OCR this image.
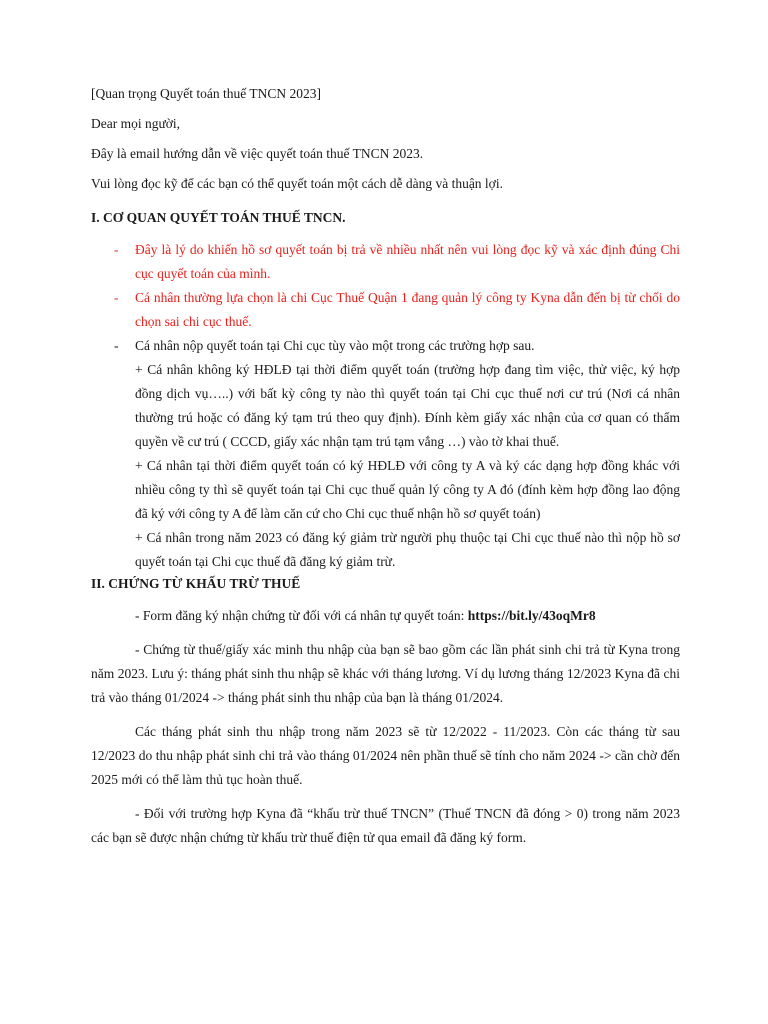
[Quan trọng Quyết toán thuế TNCN 2023]

Dear mọi người,

Đây là email hướng dẫn về việc quyết toán thuế TNCN 2023.

Vui lòng đọc kỹ để các bạn có thể quyết toán một cách dễ dàng và thuận lợi.

I. CƠ QUAN QUYẾT TOÁN THUẾ TNCN.

- Đây là lý do khiến hồ sơ quyết toán bị trả về nhiều nhất nên vui lòng đọc kỹ và xác định đúng Chi cục quyết toán của mình.
- Cá nhân thường lựa chọn là chi Cục Thuế Quận 1 đang quản lý công ty Kyna dẫn đến bị từ chối do chọn sai chi cục thuế.
- Cá nhân nộp quyết toán tại Chi cục tùy vào một trong các trường hợp sau.

+ Cá nhân không ký HĐLĐ tại thời điểm quyết toán (trường hợp đang tìm việc, thử việc, ký hợp đồng dịch vụ…..) với bất kỳ công ty nào thì quyết toán tại Chi cục thuế nơi cư trú (Nơi cá nhân thường trú hoặc có đăng ký tạm trú theo quy định). Đính kèm giấy xác nhận của cơ quan có thẩm quyền về cư trú ( CCCD, giấy xác nhận tạm trú tạm vắng …) vào tờ khai thuế.

+ Cá nhân tại thời điểm quyết toán có ký HĐLĐ với công ty A và ký các dạng hợp đồng khác với nhiều công ty thì sẽ quyết toán tại Chi cục thuế quản lý công ty A đó (đính kèm hợp đồng lao động đã ký với công ty A để làm căn cứ cho Chi cục thuế nhận hồ sơ quyết toán)

+ Cá nhân trong năm 2023 có đăng ký giảm trừ người phụ thuộc tại Chi cục thuế nào thì nộp hồ sơ quyết toán tại Chi cục thuế đã đăng ký giảm trừ.

II. CHỨNG TỪ KHẤU TRỪ THUẾ

- Form đăng ký nhận chứng từ đối với cá nhân tự quyết toán: https://bit.ly/43oqMr8

- Chứng từ thuế/giấy xác minh thu nhập của bạn sẽ bao gồm các lần phát sinh chi trả từ Kyna trong năm 2023. Lưu ý: tháng phát sinh thu nhập sẽ khác với tháng lương. Ví dụ lương tháng 12/2023 Kyna đã chi trả vào tháng 01/2024 -> tháng phát sinh thu nhập của bạn là tháng 01/2024.

Các tháng phát sinh thu nhập trong năm 2023 sẽ từ 12/2022 - 11/2023. Còn các tháng từ sau 12/2023 do thu nhập phát sinh chi trả vào tháng 01/2024 nên phần thuế sẽ tính cho năm 2024 -> cần chờ đến 2025 mới có thể làm thủ tục hoàn thuế.

- Đối với trường hợp Kyna đã “khấu trừ thuế TNCN” (Thuế TNCN đã đóng > 0) trong năm 2023 các bạn sẽ được nhận chứng từ khấu trừ thuế điện tử qua email đã đăng ký form.
